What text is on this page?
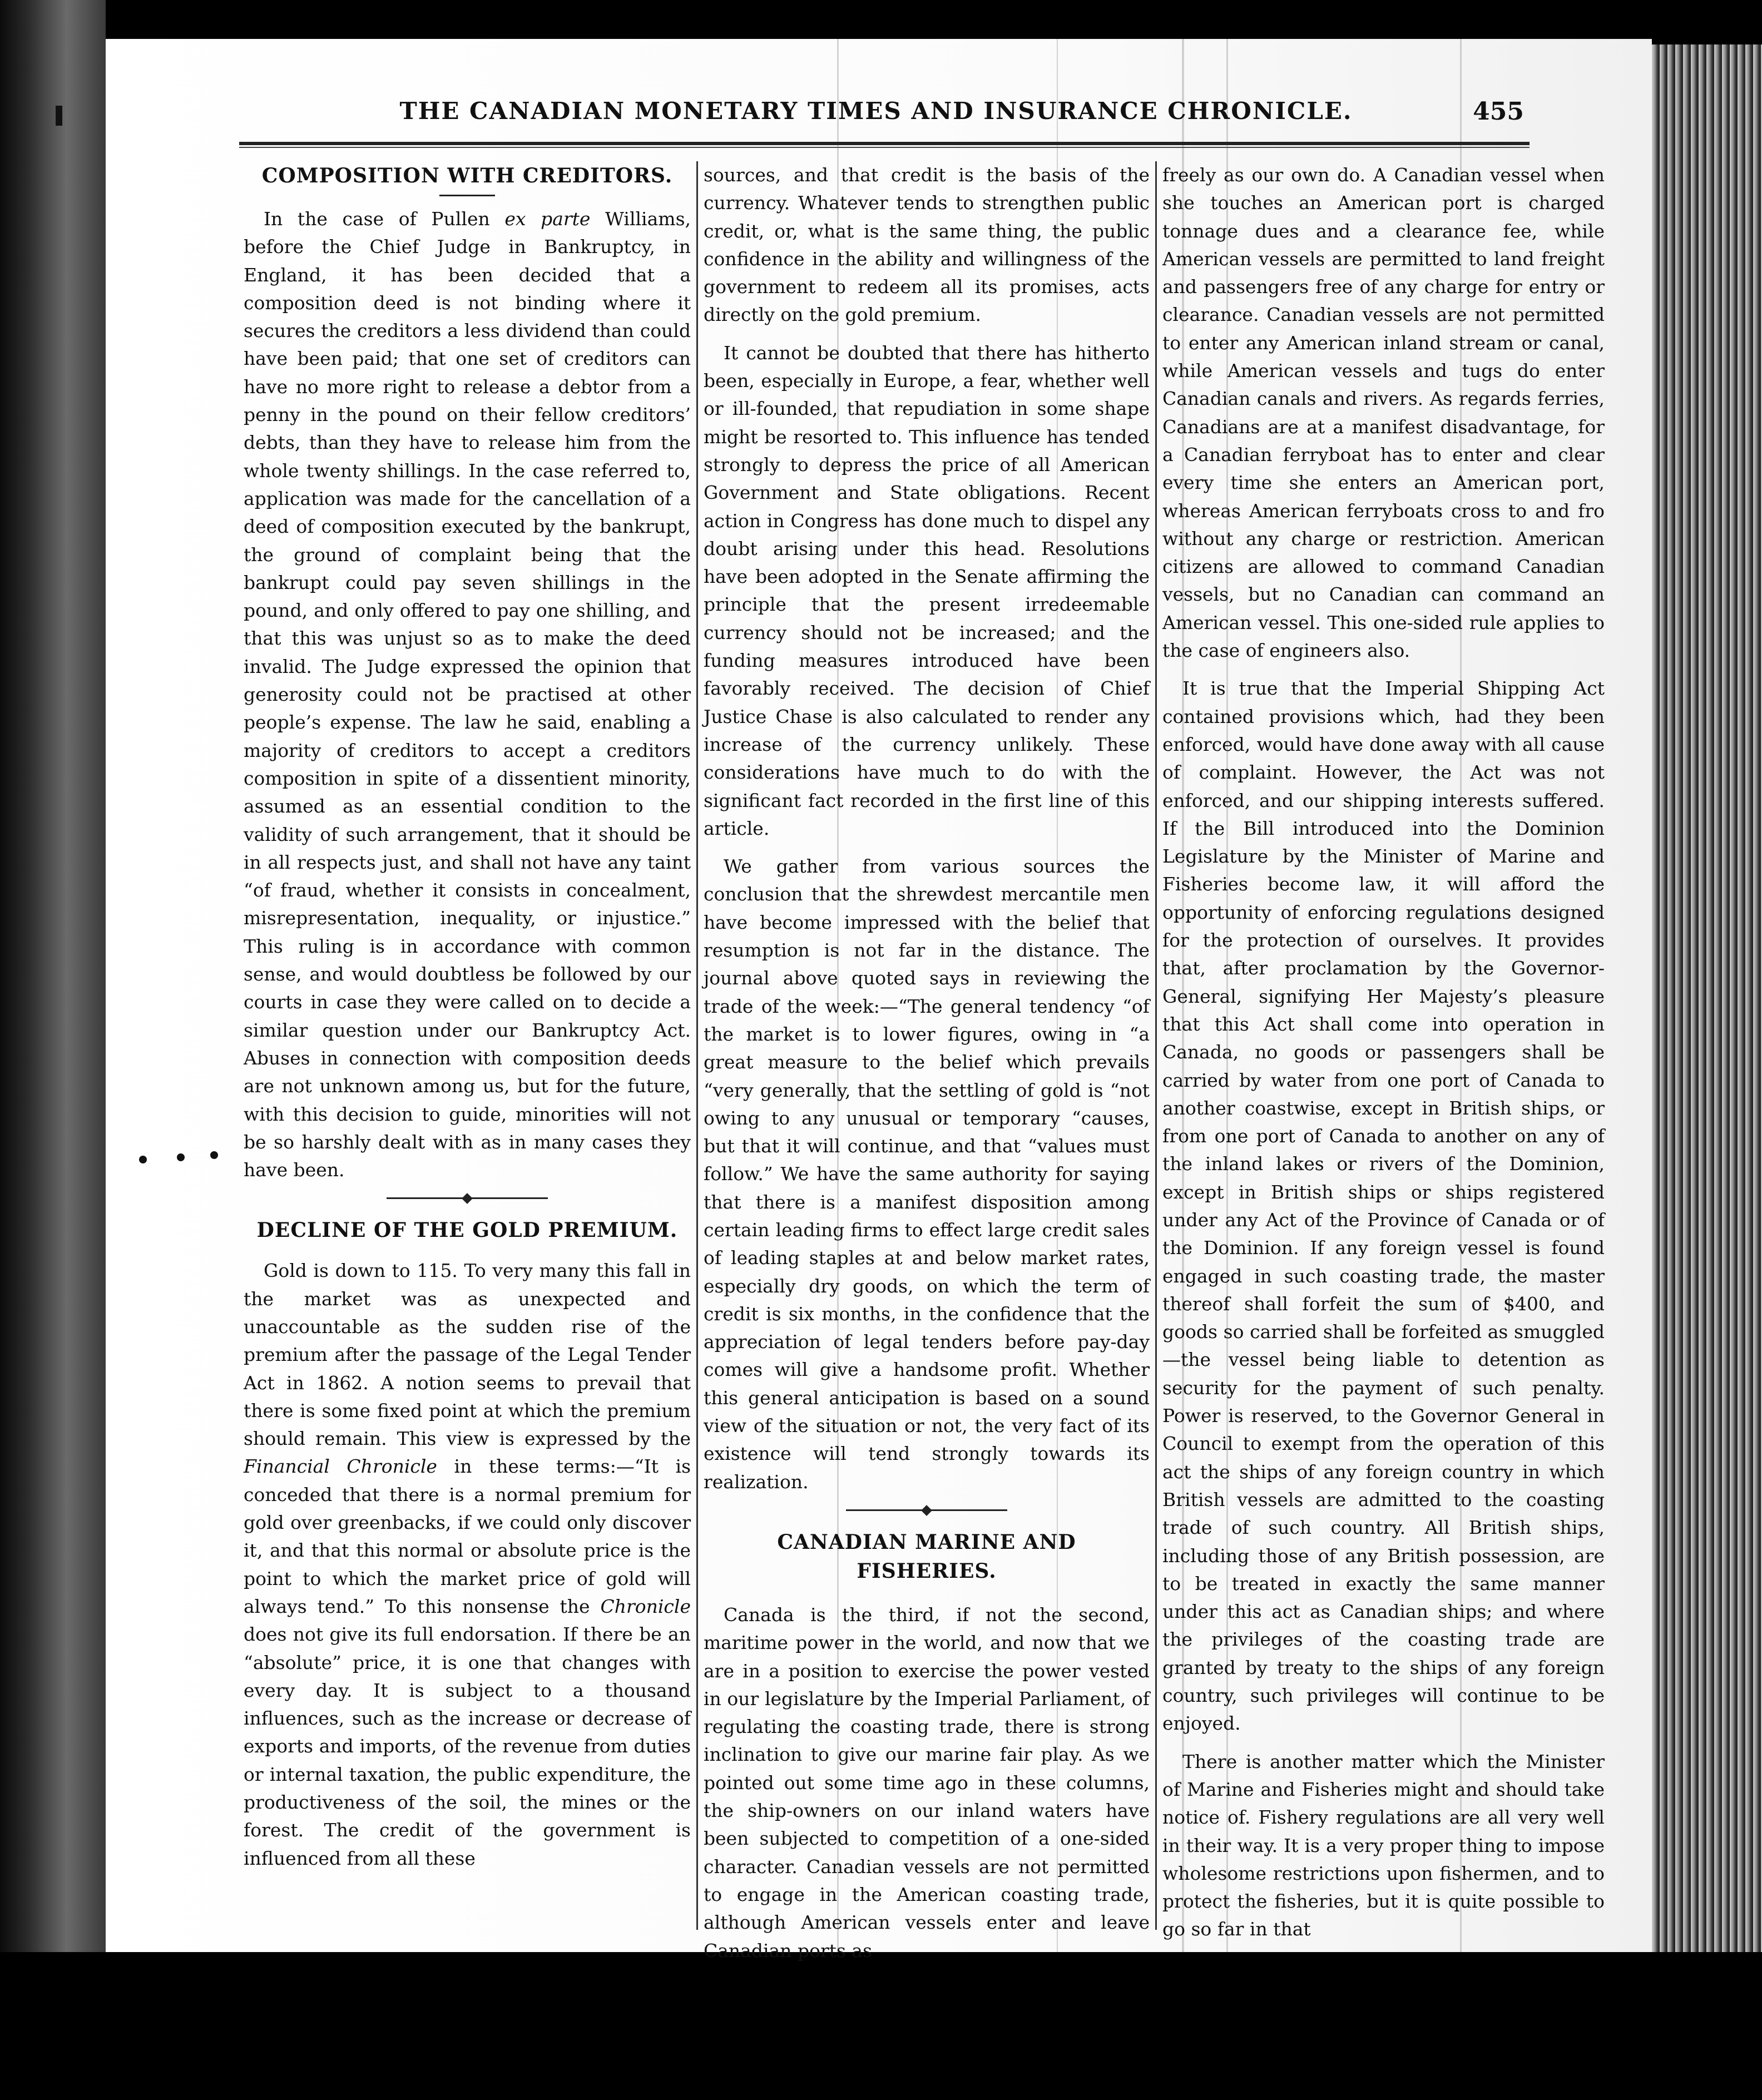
THE CANADIAN MONETARY TIMES AND INSURANCE CHRONICLE.	455
COMPOSITION WITH CREDITORS.

In the case of Pullen ex parte Williams, before the Chief Judge in Bankruptcy, in England, it has been decided that a composition deed is not binding where it secures the creditors a less dividend than could have been paid; that one set of creditors can have no more right to release a debtor from a penny in the pound on their fellow creditors’ debts, than they have to release him from the whole twenty shillings. In the case referred to, application was made for the cancellation of a deed of composition executed by the bankrupt, the ground of complaint being that the bankrupt could pay seven shillings in the pound, and only offered to pay one shilling, and that this was unjust so as to make the deed invalid. The Judge expressed the opinion that generosity could not be practised at other people’s expense. The law he said, enabling a majority of creditors to accept a creditors composition in spite of a dissentient minority, assumed as an essential condition to the validity of such arrangement, that it should be in all respects just, and shall not have any taint “of fraud, whether it consists in concealment, misrepresentation, inequality, or injustice.” This ruling is in accordance with common sense, and would doubtless be followed by our courts in case they were called on to decide a similar question under our Bankruptcy Act. Abuses in connection with composition deeds are not unknown among us, but for the future, with this decision to guide, minorities will not be so harshly dealt with as in many cases they have been.

DECLINE OF THE GOLD PREMIUM.

Gold is down to 115. To very many this fall in the market was as unexpected and unaccountable as the sudden rise of the premium after the passage of the Legal Tender Act in 1862. A notion seems to prevail that there is some fixed point at which the premium should remain. This view is expressed by the Financial Chronicle in these terms:—“It is conceded that there is a normal premium for gold over greenbacks, if we could only discover it, and that this normal or absolute price is the point to which the market price of gold will always tend.” To this nonsense the Chronicle does not give its full endorsation. If there be an “absolute” price, it is one that changes with every day. It is subject to a thousand influences, such as the increase or decrease of exports and imports, of the revenue from duties or internal taxation, the public expenditure, the productiveness of the soil, the mines or the forest. The credit of the government is influenced from all these

sources, and that credit is the basis of the currency. Whatever tends to strengthen public credit, or, what is the same thing, the public confidence in the ability and willingness of the government to redeem all its promises, acts directly on the gold premium.

It cannot be doubted that there has hitherto been, especially in Europe, a fear, whether well or ill-founded, that repudiation in some shape might be resorted to. This influence has tended strongly to depress the price of all American Government and State obligations. Recent action in Congress has done much to dispel any doubt arising under this head. Resolutions have been adopted in the Senate affirming the principle that the present irredeemable currency should not be increased; and the funding measures introduced have been favorably received. The decision of Chief Justice Chase is also calculated to render any increase of the currency unlikely. These considerations have much to do with the significant fact recorded in the first line of this article.

We gather from various sources the conclusion that the shrewdest mercantile men have become impressed with the belief that resumption is not far in the distance. The journal above quoted says in reviewing the trade of the week:—“The general tendency “of the market is to lower figures, owing in “a great measure to the belief which prevails “very generally, that the settling of gold is “not owing to any unusual or temporary “causes, but that it will continue, and that “values must follow.” We have the same authority for saying that there is a manifest disposition among certain leading firms to effect large credit sales of leading staples at and below market rates, especially dry goods, on which the term of credit is six months, in the confidence that the appreciation of legal tenders before pay-day comes will give a handsome profit. Whether this general anticipation is based on a sound view of the situation or not, the very fact of its existence will tend strongly towards its realization.

CANADIAN MARINE AND FISHERIES.

Canada is the third, if not the second, maritime power in the world, and now that we are in a position to exercise the power vested in our legislature by the Imperial Parliament, of regulating the coasting trade, there is strong inclination to give our marine fair play. As we pointed out some time ago in these columns, the ship-owners on our inland waters have been subjected to competition of a one-sided character. Canadian vessels are not permitted to engage in the American coasting trade, although American vessels enter and leave Canadian ports as

freely as our own do. A Canadian vessel when she touches an American port is charged tonnage dues and a clearance fee, while American vessels are permitted to land freight and passengers free of any charge for entry or clearance. Canadian vessels are not permitted to enter any American inland stream or canal, while American vessels and tugs do enter Canadian canals and rivers. As regards ferries, Canadians are at a manifest disadvantage, for a Canadian ferryboat has to enter and clear every time she enters an American port, whereas American ferryboats cross to and fro without any charge or restriction. American citizens are allowed to command Canadian vessels, but no Canadian can command an American vessel. This one-sided rule applies to the case of engineers also.

It is true that the Imperial Shipping Act contained provisions which, had they been enforced, would have done away with all cause of complaint. However, the Act was not enforced, and our shipping interests suffered. If the Bill introduced into the Dominion Legislature by the Minister of Marine and Fisheries become law, it will afford the opportunity of enforcing regulations designed for the protection of ourselves. It provides that, after proclamation by the Governor-General, signifying Her Majesty’s pleasure that this Act shall come into operation in Canada, no goods or passengers shall be carried by water from one port of Canada to another coastwise, except in British ships, or from one port of Canada to another on any of the inland lakes or rivers of the Dominion, except in British ships or ships registered under any Act of the Province of Canada or of the Dominion. If any foreign vessel is found engaged in such coasting trade, the master thereof shall forfeit the sum of $400, and goods so carried shall be forfeited as smuggled—the vessel being liable to detention as security for the payment of such penalty. Power is reserved, to the Governor General in Council to exempt from the operation of this act the ships of any foreign country in which British vessels are admitted to the coasting trade of such country. All British ships, including those of any British possession, are to be treated in exactly the same manner under this act as Canadian ships; and where the privileges of the coasting trade are granted by treaty to the ships of any foreign country, such privileges will continue to be enjoyed.

There is another matter which the Minister of Marine and Fisheries might and should take notice of. Fishery regulations are all very well in their way. It is a very proper thing to impose wholesome restrictions upon fishermen, and to protect the fisheries, but it is quite possible to go so far in that
